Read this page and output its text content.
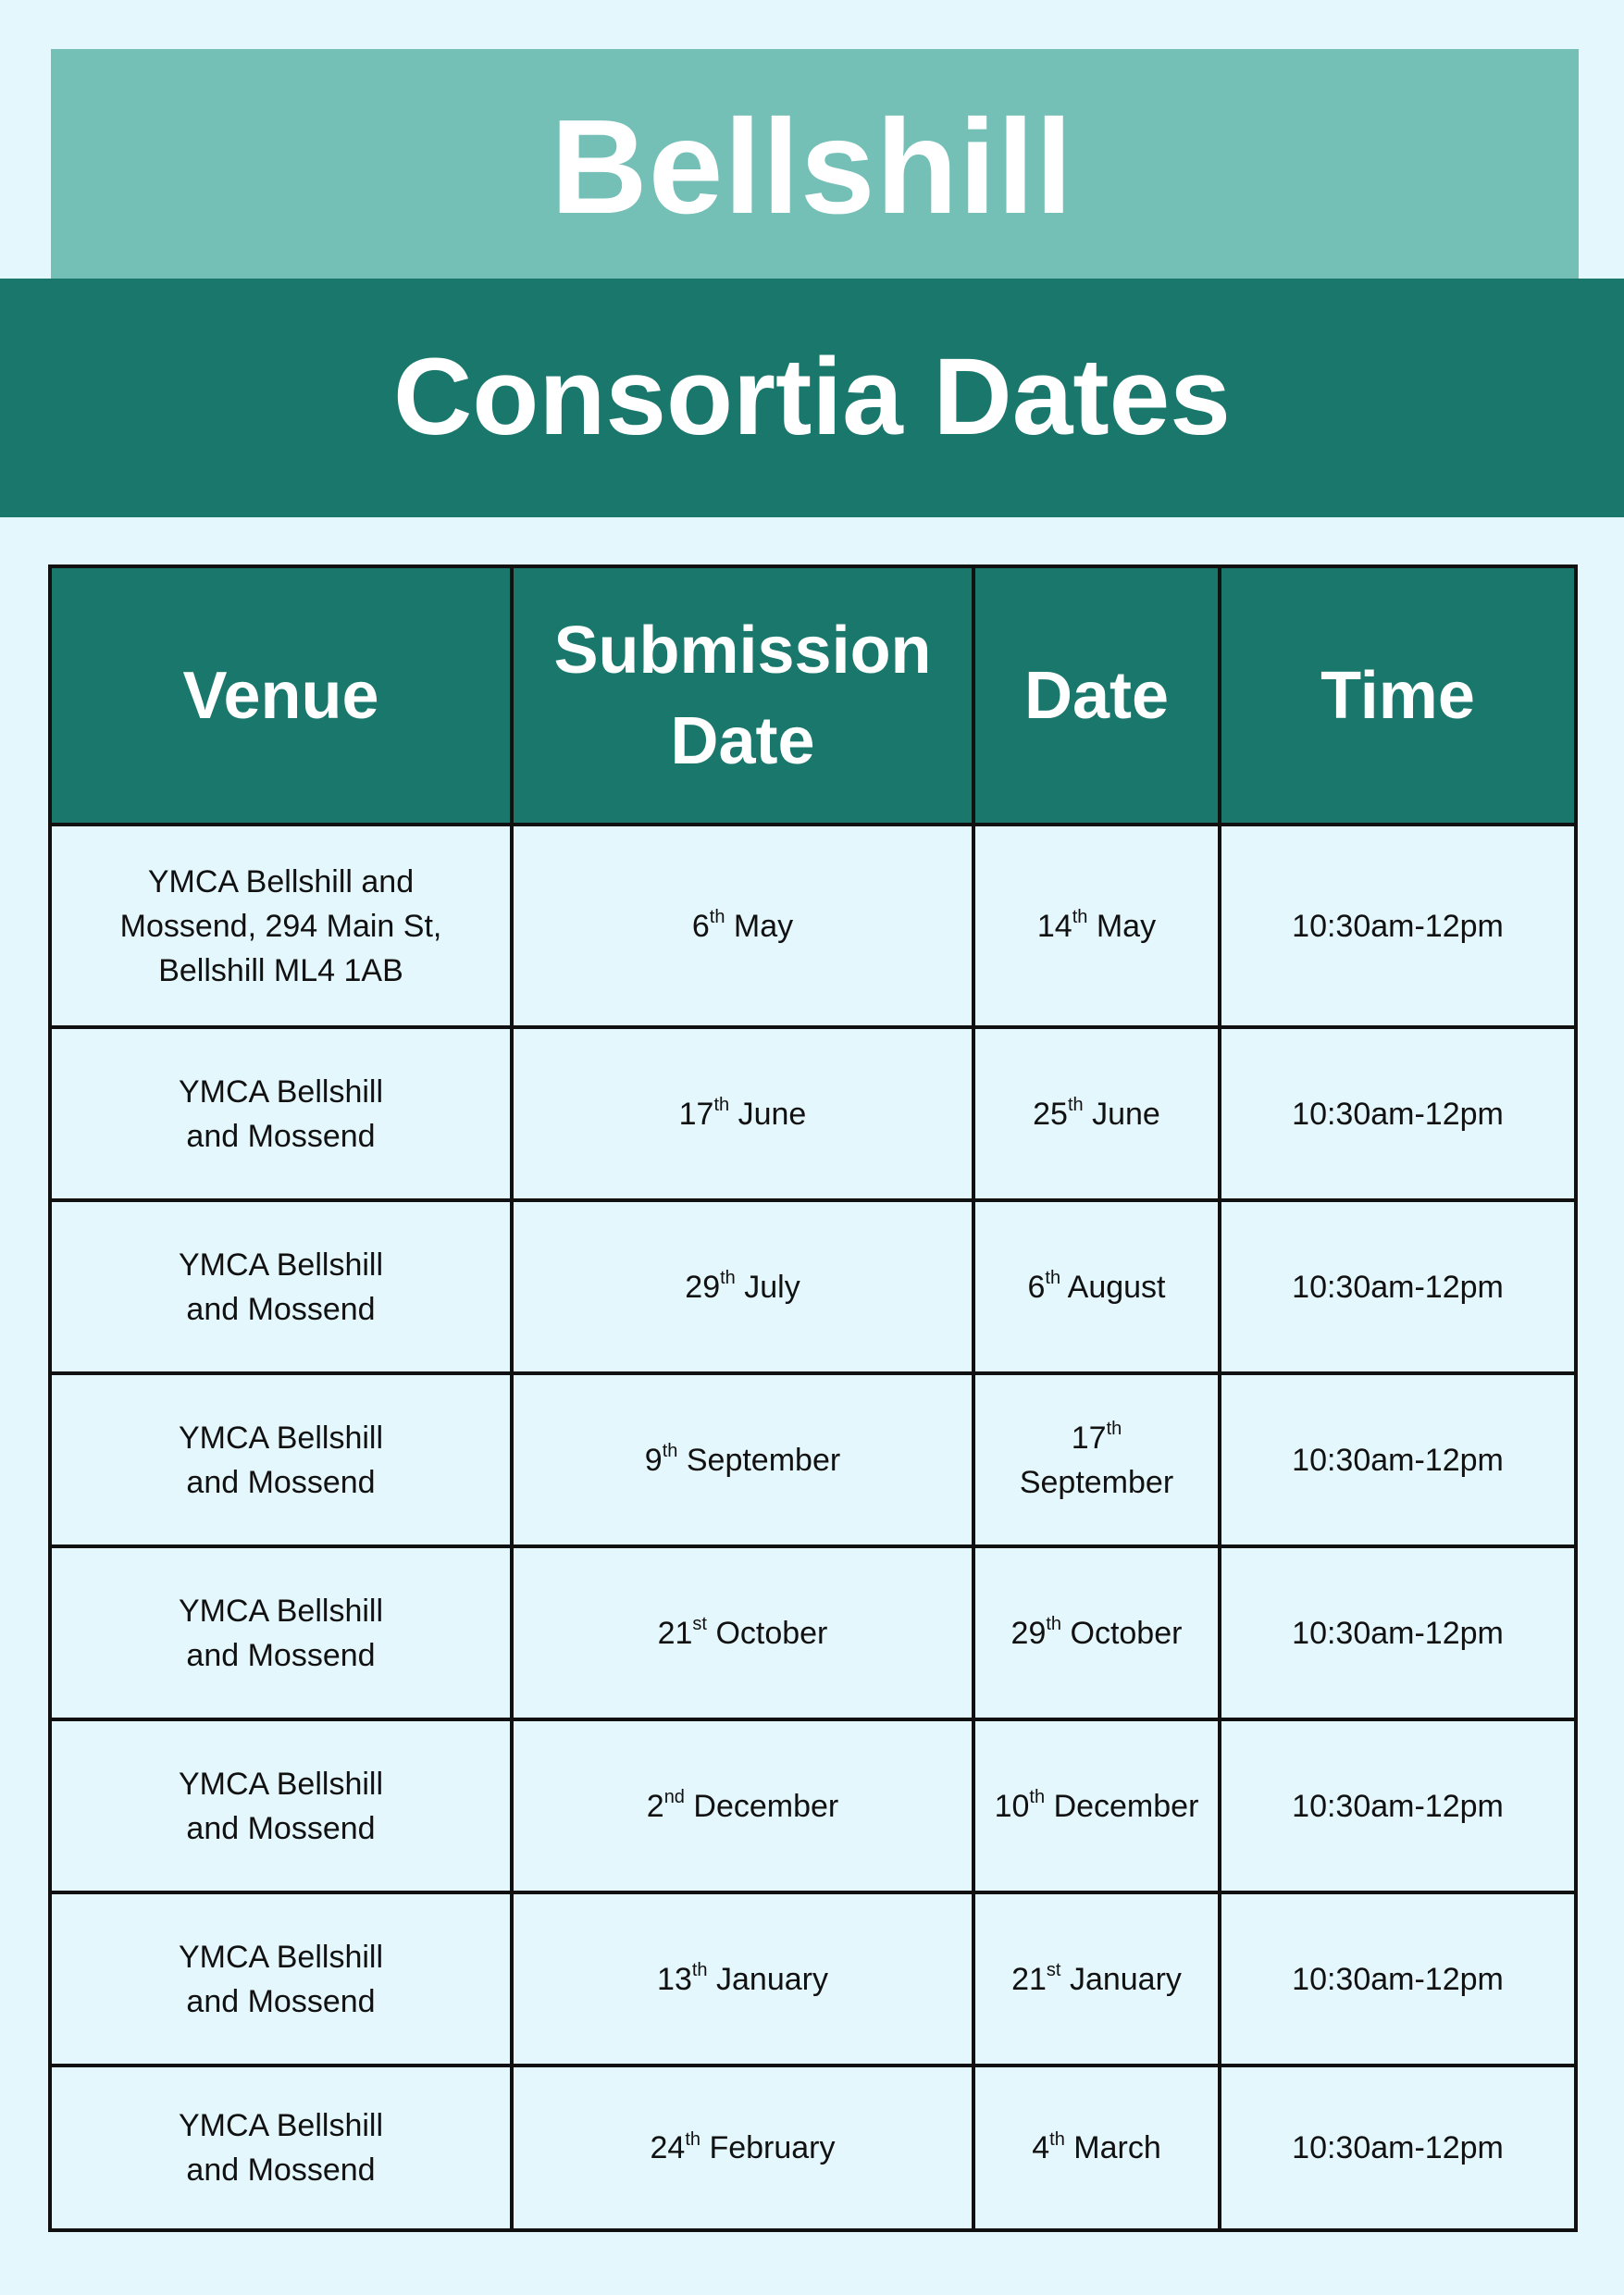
Bellshill
Consortia Dates
Venue	Submission Date	Date	Time
YMCA Bellshill and Mossend, 294 Main St, Bellshill ML4 1AB	6th May	14th May	10:30am-12pm
YMCA Bellshill and Mossend	17th June	25th June	10:30am-12pm
YMCA Bellshill and Mossend	29th July	6th August	10:30am-12pm
YMCA Bellshill and Mossend	9th September	17th September	10:30am-12pm
YMCA Bellshill and Mossend	21st October	29th October	10:30am-12pm
YMCA Bellshill and Mossend	2nd December	10th December	10:30am-12pm
YMCA Bellshill and Mossend	13th January	21st January	10:30am-12pm
YMCA Bellshill and Mossend	24th February	4th March	10:30am-12pm
